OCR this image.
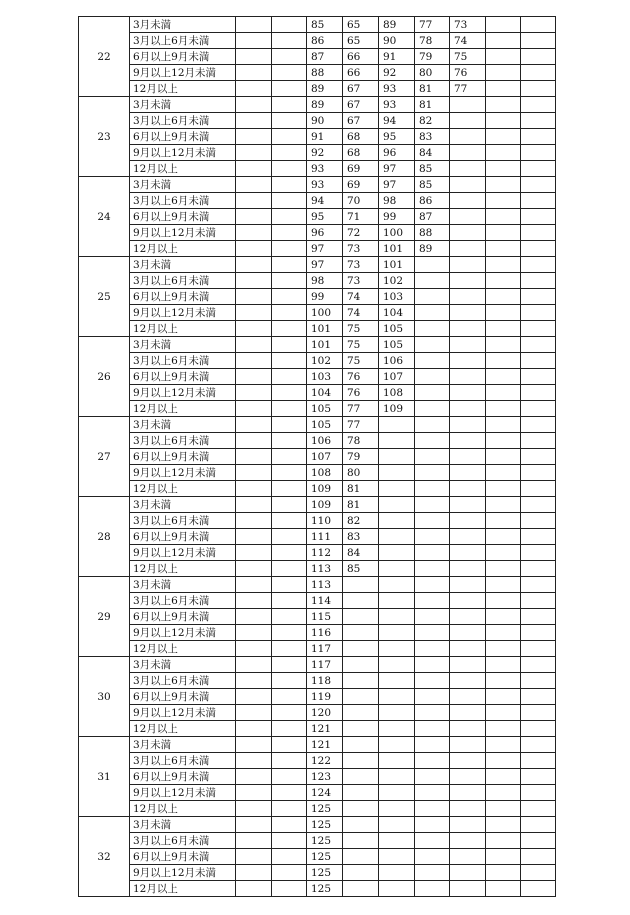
22	3月未満			85	65	89	77	73		
	3月以上6月未満			86	65	90	78	74		
	6月以上9月未満			87	66	91	79	75		
	9月以上12月未満			88	66	92	80	76		
	12月以上			89	67	93	81	77		
23	3月未満			89	67	93	81			
	3月以上6月未満			90	67	94	82			
	6月以上9月未満			91	68	95	83			
	9月以上12月未満			92	68	96	84			
	12月以上			93	69	97	85			
24	3月未満			93	69	97	85			
	3月以上6月未満			94	70	98	86			
	6月以上9月未満			95	71	99	87			
	9月以上12月未満			96	72	100	88			
	12月以上			97	73	101	89			
25	3月未満			97	73	101				
	3月以上6月未満			98	73	102				
	6月以上9月未満			99	74	103				
	9月以上12月未満			100	74	104				
	12月以上			101	75	105				
26	3月未満			101	75	105				
	3月以上6月未満			102	75	106				
	6月以上9月未満			103	76	107				
	9月以上12月未満			104	76	108				
	12月以上			105	77	109				
27	3月未満			105	77					
	3月以上6月未満			106	78					
	6月以上9月未満			107	79					
	9月以上12月未満			108	80					
	12月以上			109	81					
28	3月未満			109	81					
	3月以上6月未満			110	82					
	6月以上9月未満			111	83					
	9月以上12月未満			112	84					
	12月以上			113	85					
29	3月未満			113						
	3月以上6月未満			114						
	6月以上9月未満			115						
	9月以上12月未満			116						
	12月以上			117						
30	3月未満			117						
	3月以上6月未満			118						
	6月以上9月未満			119						
	9月以上12月未満			120						
	12月以上			121						
31	3月未満			121						
	3月以上6月未満			122						
	6月以上9月未満			123						
	9月以上12月未満			124						
	12月以上			125						
32	3月未満			125						
	3月以上6月未満			125						
	6月以上9月未満			125						
	9月以上12月未満			125						
	12月以上			125						
